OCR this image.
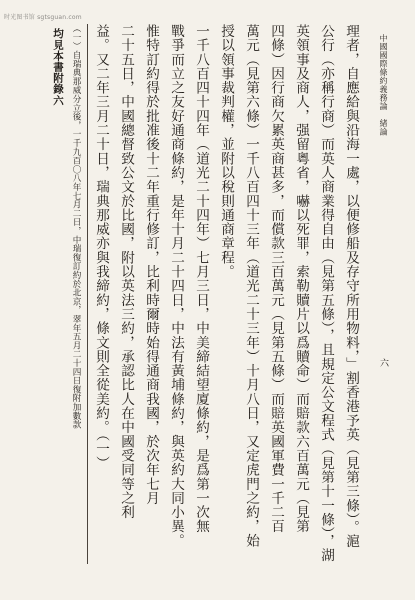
时光图书馆 sgtsguan.com
中國國際條約義務論　緒論
六
理者，自應給與沿海一處，以便修船及存守所用物料，」割香港予英（見第三條）。滬
公行（亦稱行商）而英人商業得自由（見第五條），且規定公文程式（見第十一條），湖
英領事及商人，强留粵省，嚇以死罪，索勒贖片以爲贖命）而賠款六百萬元（見第
四條）因行商欠累英商甚多，而償款三百萬元（見第五條）而賠英國軍費一千二百
萬元（見第六條）一千八百四十三年（道光二十三年）十月八日，又定虎門之約，始
授以領事裁判權，並附以稅則通商章程。
一千八百四十四年（道光二十四年）七月三日，中美締結望廈條約，是爲第一次無
戰爭而立之友好通商條約，是年十月二十四日，中法有黃埔條約，與英約大同小異。
惟特訂約得於批准後十二年重行修訂，比利時爾時始得通商我國，於次年七月
二十五日，中國總督致公文於比國，附以英法三約，承認比人在中國受同等之利
益。又二年三月二十日，瑞典那威亦與我締約，條文則全從美約。（一）
（一）自瑞典那威分立後，一千九百〇八年七月二日，中瑞復訂約於北京，翠年五月二十四日復附加數款
均見本書附錄六
